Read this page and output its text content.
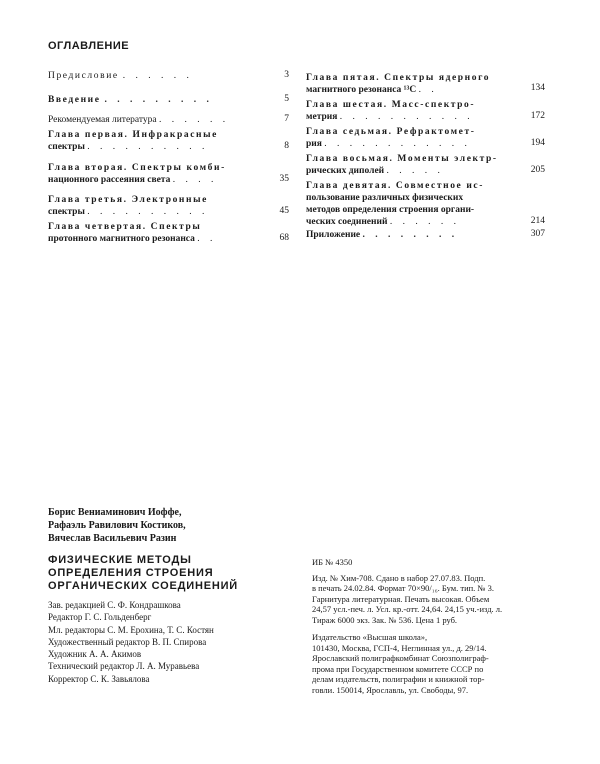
ОГЛАВЛЕНИЕ
Предисловие . . . . . .	3
Введение . . . . . . . . .	5
Рекомендуемая литература . . . . . .	7
Глава первая. Инфракрасные
спектры . . . . . . . . . .	8
Глава вторая. Спектры комби-
национного рассеяния света . . . .	35
Глава третья. Электронные
спектры . . . . . . . . . .	45
Глава четвертая. Спектры
протонного магнитного резонанса . .	68
Глава пятая. Спектры ядерного
магнитного резонанса ¹³С . .	134
Глава шестая. Масс-спектро-
метрия . . . . . . . . . . .	172
Глава седьмая. Рефрактомет-
рия . . . . . . . . . . . .	194
Глава восьмая. Моменты электр-
рических диполей . . . . .	205
Глава девятая. Совместное ис-
пользование различных физических
методов определения строения органи-
ческих соединений . . . . . .	214
Приложение . . . . . . . .	307
Борис Вениаминович Иоффе,
Рафаэль Равилович Костиков,
Вячеслав Васильевич Разин
ФИЗИЧЕСКИЕ МЕТОДЫ
ОПРЕДЕЛЕНИЯ СТРОЕНИЯ
ОРГАНИЧЕСКИХ СОЕДИНЕНИЙ
Зав. редакцией С. Ф. Кондрашкова
Редактор Г. С. Гольденберг
Мл. редакторы С. М. Ерохина, Т. С. Костян
Художественный редактор В. П. Спирова
Художник А. А. Акимов
Технический редактор Л. А. Муравьева
Корректор С. К. Завьялова
ИБ № 4350
Изд. № Хим-708. Сдано в набор 27.07.83. Подп.
в печать 24.02.84. Формат 70×90/₁₆. Бум. тип. № 3.
Гарнитура литературная. Печать высокая. Объем
24,57 усл.-печ. л. Усл. кр.-отт. 24,64. 24,15 уч.-изд. л.
Тираж 6000 экз. Зак. № 536. Цена 1 руб.
Издательство «Высшая школа»,
101430, Москва, ГСП-4, Неглинная ул., д. 29/14.
Ярославский полиграфкомбинат Союзполиграф-
прома при Государственном комитете СССР по
делам издательств, полиграфии и книжной тор-
говли. 150014, Ярославль, ул. Свободы, 97.
